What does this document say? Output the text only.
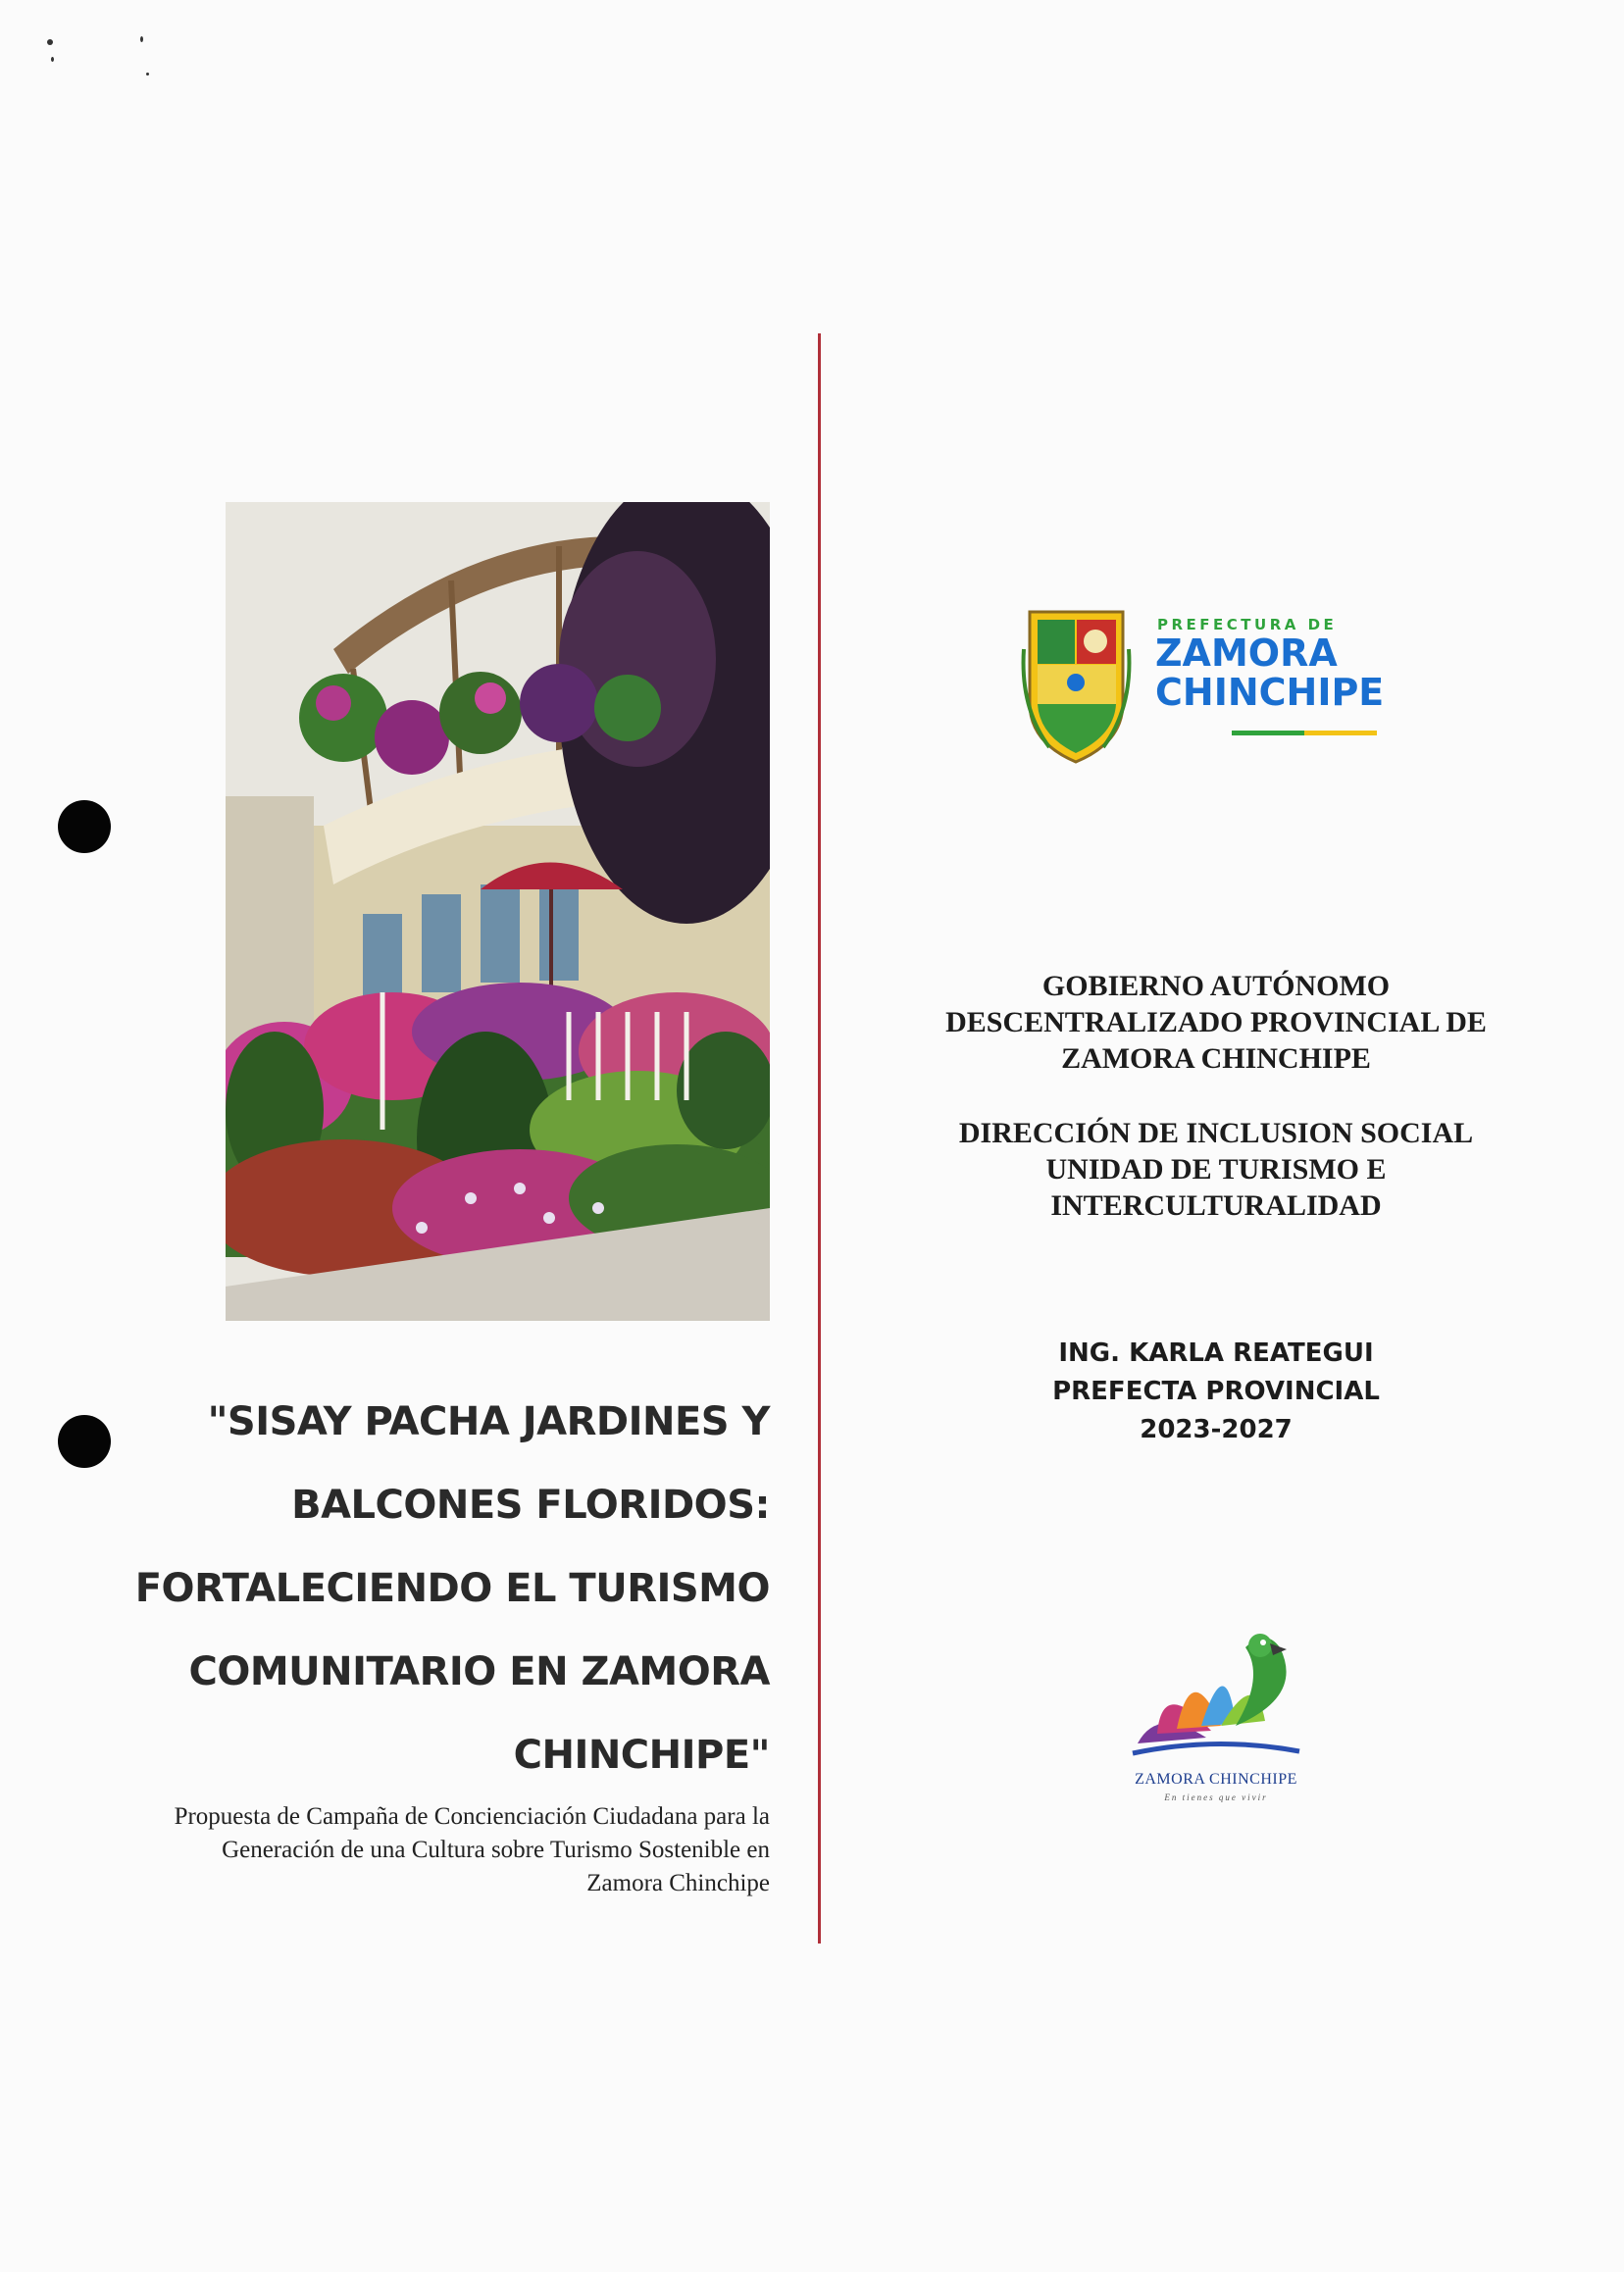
"SISAY PACHA JARDINES Y
BALCONES FLORIDOS:
FORTALECIENDO EL TURISMO
COMUNITARIO EN ZAMORA
CHINCHIPE"
Propuesta de Campaña de Concienciación Ciudadana para la
Generación de una Cultura sobre Turismo Sostenible en
Zamora Chinchipe
PREFECTURA DE
ZAMORA
CHINCHIPE
GOBIERNO AUTÓNOMO
DESCENTRALIZADO PROVINCIAL DE
ZAMORA CHINCHIPE
DIRECCIÓN DE INCLUSION SOCIAL
UNIDAD DE TURISMO E
INTERCULTURALIDAD
ING. KARLA REATEGUI
PREFECTA PROVINCIAL
2023-2027
ZAMORA CHINCHIPE
En tienes que vivir
